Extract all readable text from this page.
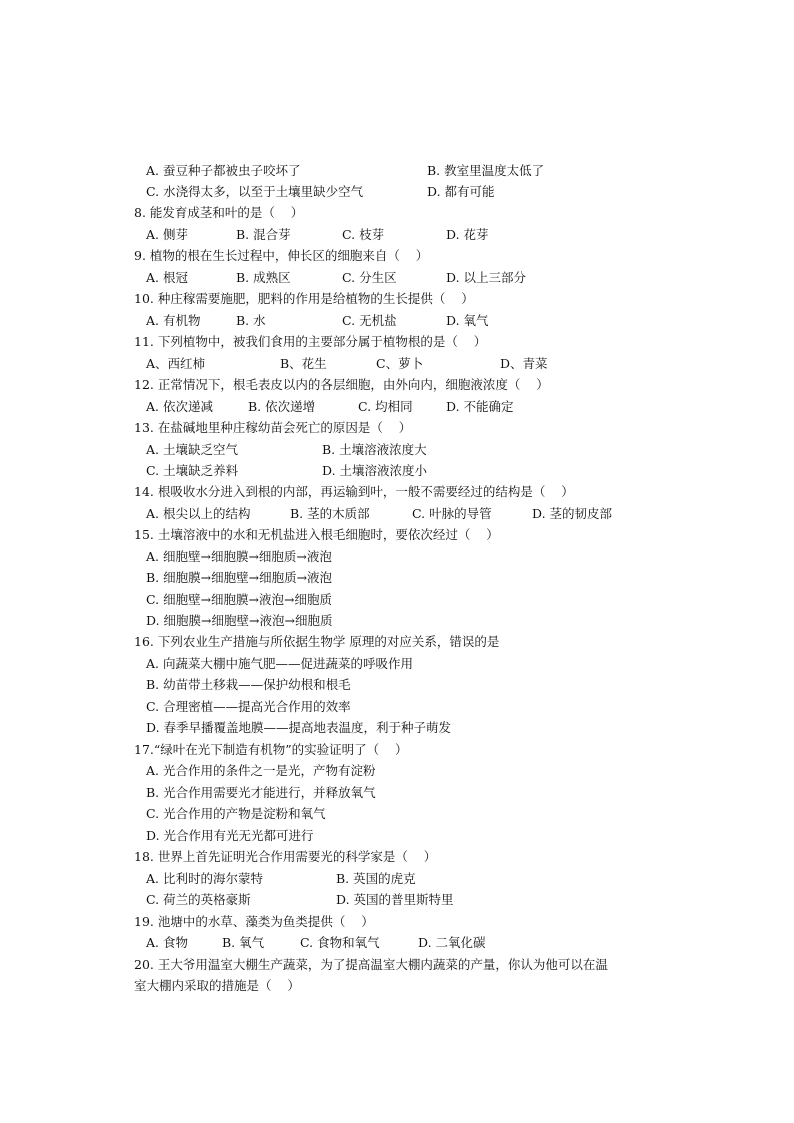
A. 蚕豆种子都被虫子咬坏了	B. 教室里温度太低了
C. 水浇得太多，以至于土壤里缺少空气	D. 都有可能
8. 能发育成茎和叶的是（    ）
A. 侧芽	B. 混合芽	C. 枝芽	D. 花芽
9. 植物的根在生长过程中，伸长区的细胞来自（    ）
A. 根冠	B. 成熟区	C. 分生区	D. 以上三部分
10. 种庄稼需要施肥，肥料的作用是给植物的生长提供（    ）
A. 有机物	B. 水	C. 无机盐	D. 氧气
11. 下列植物中，被我们食用的主要部分属于植物根的是（    ）
A、西红柿	B、花生	C、萝卜	D、青菜
12. 正常情况下，根毛表皮以内的各层细胞，由外向内，细胞液浓度（    ）
A. 依次递减	B. 依次递增	C. 均相同	D. 不能确定
13. 在盐碱地里种庄稼幼苗会死亡的原因是（    ）
A. 土壤缺乏空气	B. 土壤溶液浓度大
C. 土壤缺乏养料	D. 土壤溶液浓度小
14. 根吸收水分进入到根的内部，再运输到叶，一般不需要经过的结构是（    ）
A. 根尖以上的结构	B. 茎的木质部	C. 叶脉的导管	D. 茎的韧皮部
15. 土壤溶液中的水和无机盐进入根毛细胞时，要依次经过（    ）
A. 细胞壁→细胞膜→细胞质→液泡
B. 细胞膜→细胞壁→细胞质→液泡
C. 细胞壁→细胞膜→液泡→细胞质
D. 细胞膜→细胞壁→液泡→细胞质
16. 下列农业生产措施与所依据生物学 原理的对应关系，错误的是
A. 向蔬菜大棚中施气肥——促进蔬菜的呼吸作用
B. 幼苗带土移栽——保护幼根和根毛
C. 合理密植——提高光合作用的效率
D. 春季早播覆盖地膜——提高地表温度，利于种子萌发
17.“绿叶在光下制造有机物”的实验证明了（    ）
A. 光合作用的条件之一是光，产物有淀粉
B. 光合作用需要光才能进行，并释放氧气
C. 光合作用的产物是淀粉和氧气
D. 光合作用有光无光都可进行
18. 世界上首先证明光合作用需要光的科学家是（    ）
A. 比利时的海尔蒙特	B. 英国的虎克
C. 荷兰的英格豪斯	D. 英国的普里斯特里
19. 池塘中的水草、藻类为鱼类提供（    ）
A. 食物	B. 氧气	C. 食物和氧气	D. 二氧化碳
20. 王大爷用温室大棚生产蔬菜，为了提高温室大棚内蔬菜的产量，你认为他可以在温
室大棚内采取的措施是（    ）
